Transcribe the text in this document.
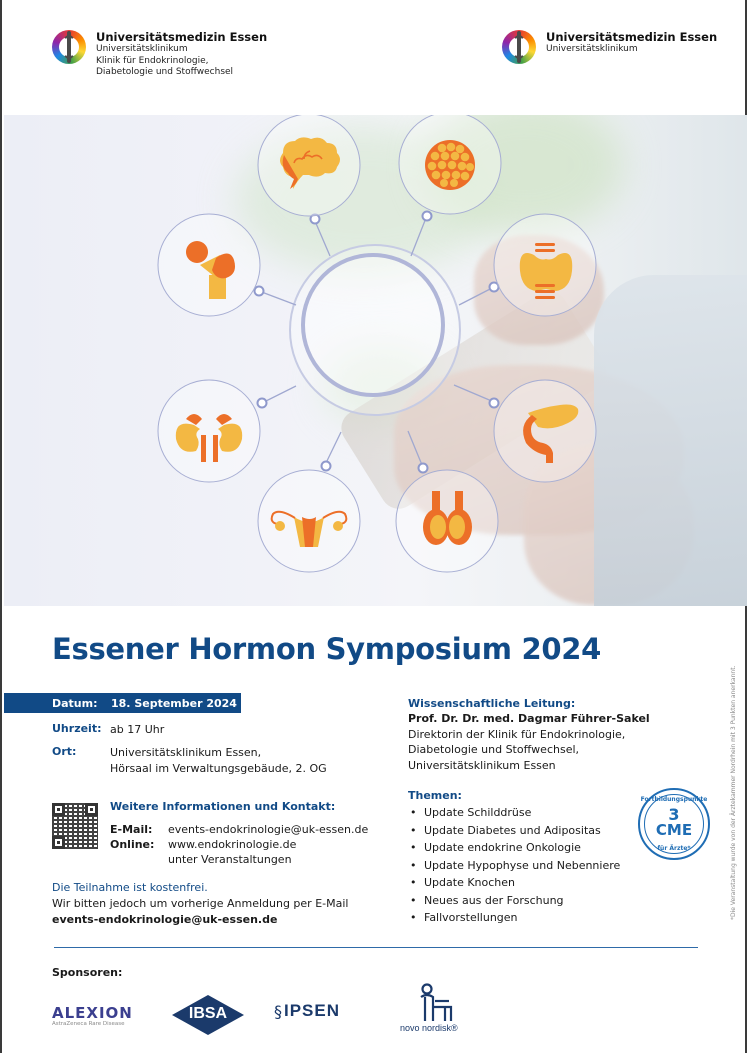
Universitätsmedizin Essen
Universitätsklinikum
Klinik für Endokrinologie,
Diabetologie und Stoffwechsel
Universitätsmedizin Essen
Universitätsklinikum
Essener Hormon Symposium 2024
Datum:	18. September 2024
Uhrzeit: ab 17 Uhr
Ort:	Universitätsklinikum Essen,
Hörsaal im Verwaltungsgebäude, 2. OG
Weitere Informationen und Kontakt:
E-Mail:	events-endokrinologie@uk-essen.de
Online:	www.endokrinologie.de
unter Veranstaltungen
Die Teilnahme ist kostenfrei.
Wir bitten jedoch um vorherige Anmeldung per E-Mail
events-endokrinologie@uk-essen.de
Wissenschaftliche Leitung:
Prof. Dr. Dr. med. Dagmar Führer-Sakel
Direktorin der Klinik für Endokrinologie,
Diabetologie und Stoffwechsel,
Universitätsklinikum Essen
Themen:
• Update Schilddrüse
• Update Diabetes und Adipositas
• Update endokrine Onkologie
• Update Hypophyse und Nebenniere
• Update Knochen
• Neues aus der Forschung
• Fallvorstellungen
Fortbildungspunkte
3
CME
für Ärzte*	*Die Veranstaltung wurde von der Ärztekammer Nordrhein mit 3 Punkten anerkannt.
Sponsoren:
ALEXION
AstraZeneca Rare Disease
IBSA	§ IPSEN
novo nordisk®
